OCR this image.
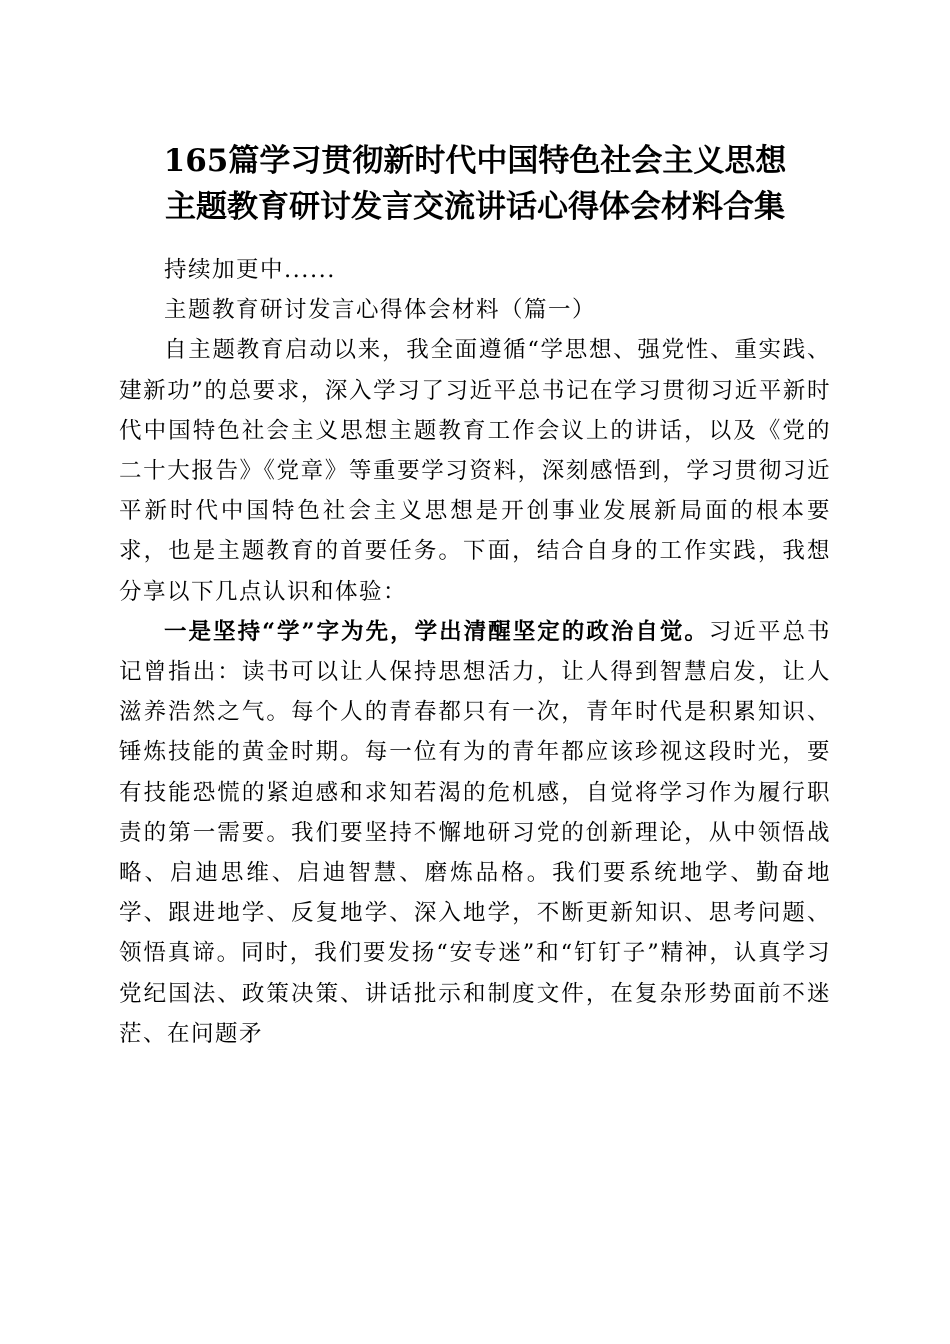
165篇学习贯彻新时代中国特色社会主义思想
主题教育研讨发言交流讲话心得体会材料合集

持续加更中......

主题教育研讨发言心得体会材料（篇一）

自主题教育启动以来，我全面遵循“学思想、强党性、重实践、建新功”的总要求，深入学习了习近平总书记在学习贯彻习近平新时代中国特色社会主义思想主题教育工作会议上的讲话，以及《党的二十大报告》《党章》等重要学习资料，深刻感悟到，学习贯彻习近平新时代中国特色社会主义思想是开创事业发展新局面的根本要求，也是主题教育的首要任务。下面，结合自身的工作实践，我想分享以下几点认识和体验：

一是坚持“学”字为先，学出清醒坚定的政治自觉。习近平总书记曾指出：读书可以让人保持思想活力，让人得到智慧启发，让人滋养浩然之气。每个人的青春都只有一次，青年时代是积累知识、锤炼技能的黄金时期。每一位有为的青年都应该珍视这段时光，要有技能恐慌的紧迫感和求知若渴的危机感，自觉将学习作为履行职责的第一需要。我们要坚持不懈地研习党的创新理论，从中领悟战略、启迪思维、启迪智慧、磨炼品格。我们要系统地学、勤奋地学、跟进地学、反复地学、深入地学，不断更新知识、思考问题、领悟真谛。同时，我们要发扬“安专迷”和“钉钉子”精神，认真学习党纪国法、政策决策、讲话批示和制度文件，在复杂形势面前不迷茫、在问题矛
